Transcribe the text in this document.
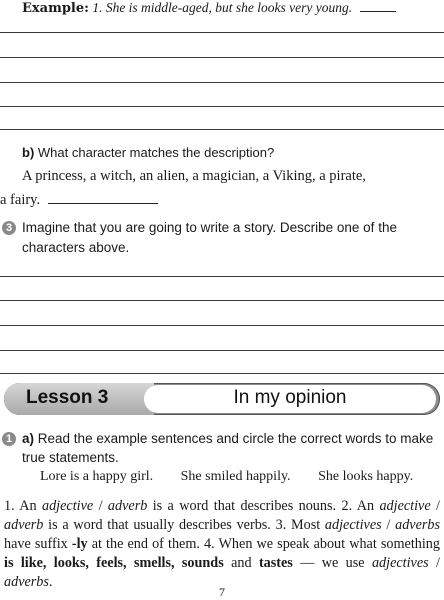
Example: 1. She is middle-aged, but she looks very young.
b) What character matches the description?
A princess, a witch, an alien, a magician, a Viking, a pirate,
a fairy.
3 Imagine that you are going to write a story. Describe one of the characters above.
Lesson 3	In my opinion
1 a) Read the example sentences and circle the correct words to make true statements.
Lore is a happy girl. She smiled happily. She looks happy.
1. An adjective / adverb is a word that describes nouns. 2. An adjective / adverb is a word that usually describes verbs. 3. Most adjectives / adverbs have suffix -ly at the end of them. 4. When we speak about what something is like, looks, feels, smells, sounds and tastes — we use adjectives / adverbs.
7
